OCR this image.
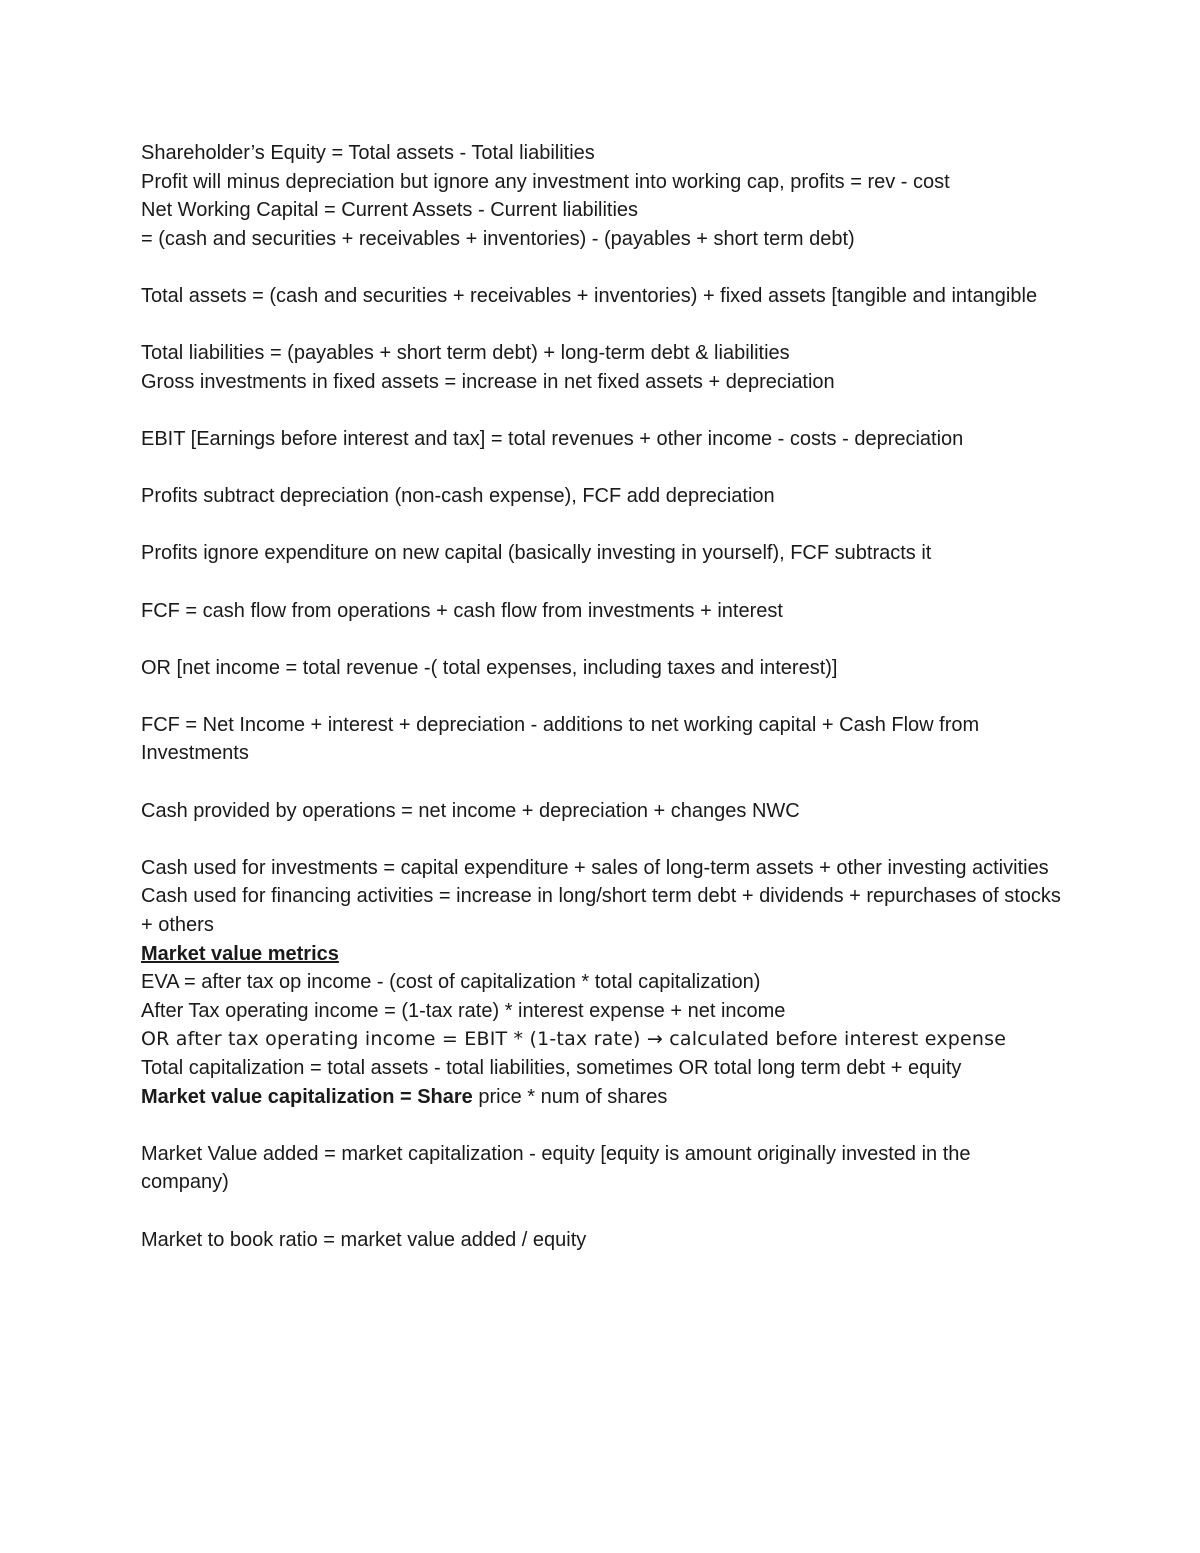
Shareholder’s Equity = Total assets - Total liabilities
Profit will minus depreciation but ignore any investment into working cap, profits = rev - cost
Net Working Capital = Current Assets - Current liabilities
= (cash and securities + receivables + inventories) - (payables + short term debt)
Total assets = (cash and securities + receivables + inventories) + fixed assets [tangible and intangible
Total liabilities = (payables + short term debt) + long-term debt & liabilities
Gross investments in fixed assets = increase in net fixed assets + depreciation
EBIT [Earnings before interest and tax] = total revenues + other income - costs - depreciation
Profits subtract depreciation (non-cash expense), FCF add depreciation
Profits ignore expenditure on new capital (basically investing in yourself), FCF subtracts it
FCF = cash flow from operations + cash flow from investments + interest
OR [net income = total revenue -( total expenses, including taxes and interest)]
FCF = Net Income + interest + depreciation - additions to net working capital + Cash Flow from Investments
Cash provided by operations = net income + depreciation + changes NWC
Cash used for investments = capital expenditure + sales of long-term assets + other investing activities
Cash used for financing activities = increase in long/short term debt + dividends + repurchases of stocks + others
Market value metrics
EVA = after tax op income - (cost of capitalization * total capitalization)
After Tax operating income = (1-tax rate) * interest expense + net income
OR after tax operating income = EBIT * (1-tax rate) → calculated before interest expense
Total capitalization = total assets - total liabilities, sometimes OR total long term debt + equity
Market value capitalization = Share price * num of shares
Market Value added = market capitalization - equity [equity is amount originally invested in the company)
Market to book ratio = market value added / equity
